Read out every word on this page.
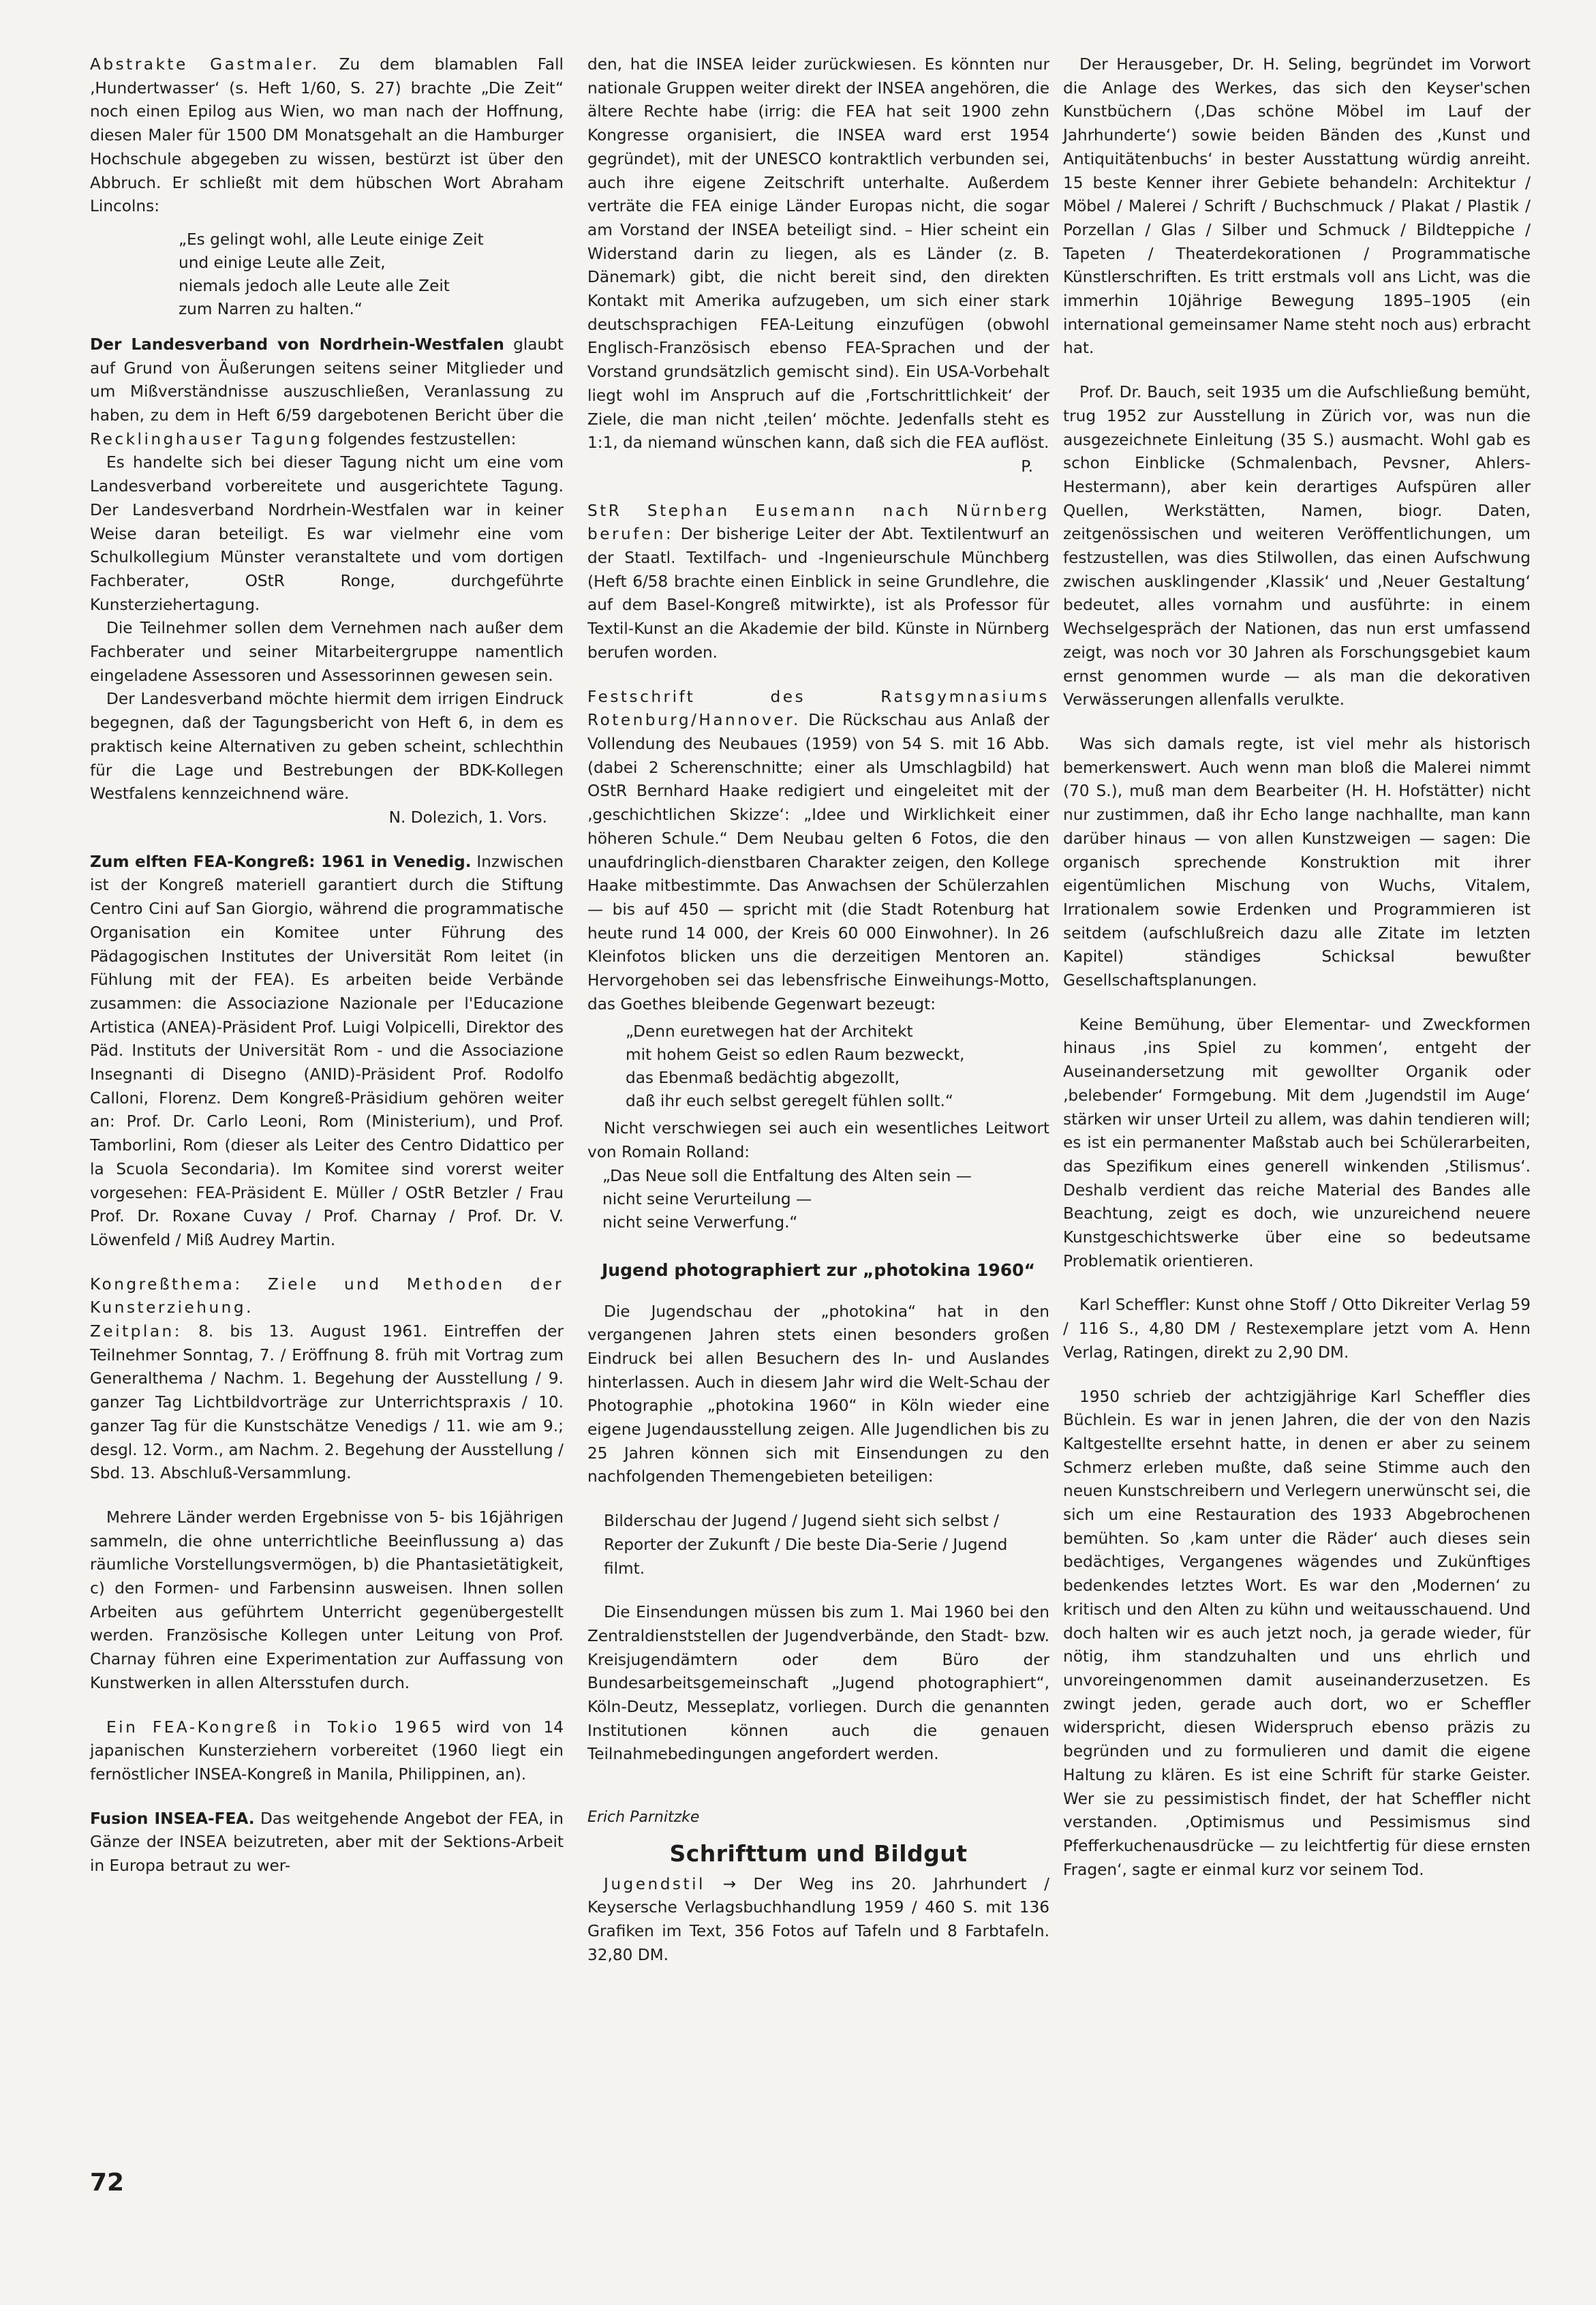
Abstrakte Gastmaler. Zu dem blamablen Fall ‚Hundertwasser‘ (s. Heft 1/60, S. 27) brachte „Die Zeit“ noch einen Epilog aus Wien, wo man nach der Hoffnung, diesen Maler für 1500 DM Monatsgehalt an die Hamburger Hochschule abgegeben zu wissen, bestürzt ist über den Abbruch. Er schließt mit dem hübschen Wort Abraham Lincolns:

„Es gelingt wohl, alle Leute einige Zeit
und einige Leute alle Zeit,
niemals jedoch alle Leute alle Zeit
zum Narren zu halten.“

Der Landesverband von Nordrhein-Westfalen glaubt auf Grund von Äußerungen seitens seiner Mitglieder und um Mißverständnisse auszuschließen, Veranlassung zu haben, zu dem in Heft 6/59 dargebotenen Bericht über die Recklinghauser Tagung folgendes festzustellen:

Es handelte sich bei dieser Tagung nicht um eine vom Landesverband vorbereitete und ausgerichtete Tagung. Der Landesverband Nordrhein-Westfalen war in keiner Weise daran beteiligt. Es war vielmehr eine vom Schulkollegium Münster veranstaltete und vom dortigen Fachberater, OStR Ronge, durchgeführte Kunsterziehertagung.

Die Teilnehmer sollen dem Vernehmen nach außer dem Fachberater und seiner Mitarbeitergruppe namentlich eingeladene Assessoren und Assessorinnen gewesen sein.

Der Landesverband möchte hiermit dem irrigen Eindruck begegnen, daß der Tagungsbericht von Heft 6, in dem es praktisch keine Alternativen zu geben scheint, schlechthin für die Lage und Bestrebungen der BDK-Kollegen Westfalens kennzeichnend wäre.

N. Dolezich, 1. Vors.

Zum elften FEA-Kongreß: 1961 in Venedig. Inzwischen ist der Kongreß materiell garantiert durch die Stiftung Centro Cini auf San Giorgio, während die programmatische Organisation ein Komitee unter Führung des Pädagogischen Institutes der Universität Rom leitet (in Fühlung mit der FEA). Es arbeiten beide Verbände zusammen: die Associazione Nazionale per l'Educazione Artistica (ANEA)-Präsident Prof. Luigi Volpicelli, Direktor des Päd. Instituts der Universität Rom - und die Associazione Insegnanti di Disegno (ANID)-Präsident Prof. Rodolfo Calloni, Florenz. Dem Kongreß-Präsidium gehören weiter an: Prof. Dr. Carlo Leoni, Rom (Ministerium), und Prof. Tamborlini, Rom (dieser als Leiter des Centro Didattico per la Scuola Secondaria). Im Komitee sind vorerst weiter vorgesehen: FEA-Präsident E. Müller / OStR Betzler / Frau Prof. Dr. Roxane Cuvay / Prof. Charnay / Prof. Dr. V. Löwenfeld / Miß Audrey Martin.

Kongreßthema: Ziele und Methoden der Kunsterziehung.

Zeitplan: 8. bis 13. August 1961. Eintreffen der Teilnehmer Sonntag, 7. / Eröffnung 8. früh mit Vortrag zum Generalthema / Nachm. 1. Begehung der Ausstellung / 9. ganzer Tag Lichtbildvorträge zur Unterrichtspraxis / 10. ganzer Tag für die Kunstschätze Venedigs / 11. wie am 9.; desgl. 12. Vorm., am Nachm. 2. Begehung der Ausstellung / Sbd. 13. Abschluß-Versammlung.

Mehrere Länder werden Ergebnisse von 5- bis 16jährigen sammeln, die ohne unterrichtliche Beeinflussung a) das räumliche Vorstellungsvermögen, b) die Phantasietätigkeit, c) den Formen- und Farbensinn ausweisen. Ihnen sollen Arbeiten aus geführtem Unterricht gegenübergestellt werden. Französische Kollegen unter Leitung von Prof. Charnay führen eine Experimentation zur Auffassung von Kunstwerken in allen Altersstufen durch.

Ein FEA-Kongreß in Tokio 1965 wird von 14 japanischen Kunsterziehern vorbereitet (1960 liegt ein fernöstlicher INSEA-Kongreß in Manila, Philippinen, an).

Fusion INSEA-FEA. Das weitgehende Angebot der FEA, in Gänze der INSEA beizutreten, aber mit der Sektions-Arbeit in Europa betraut zu wer-

den, hat die INSEA leider zurückwiesen. Es könnten nur nationale Gruppen weiter direkt der INSEA angehören, die ältere Rechte habe (irrig: die FEA hat seit 1900 zehn Kongresse organisiert, die INSEA ward erst 1954 gegründet), mit der UNESCO kontraktlich verbunden sei, auch ihre eigene Zeitschrift unterhalte. Außerdem verträte die FEA einige Länder Europas nicht, die sogar am Vorstand der INSEA beteiligt sind. – Hier scheint ein Widerstand darin zu liegen, als es Länder (z. B. Dänemark) gibt, die nicht bereit sind, den direkten Kontakt mit Amerika aufzugeben, um sich einer stark deutschsprachigen FEA-Leitung einzufügen (obwohl Englisch-Französisch ebenso FEA-Sprachen und der Vorstand grundsätzlich gemischt sind). Ein USA-Vorbehalt liegt wohl im Anspruch auf die ‚Fortschrittlichkeit‘ der Ziele, die man nicht ‚teilen‘ möchte. Jedenfalls steht es 1:1, da niemand wünschen kann, daß sich die FEA auflöst.

P.

StR Stephan Eusemann nach Nürnberg berufen: Der bisherige Leiter der Abt. Textilentwurf an der Staatl. Textilfach- und -Ingenieurschule Münchberg (Heft 6/58 brachte einen Einblick in seine Grundlehre, die auf dem Basel-Kongreß mitwirkte), ist als Professor für Textil-Kunst an die Akademie der bild. Künste in Nürnberg berufen worden.

Festschrift des Ratsgymnasiums Rotenburg/Hannover. Die Rückschau aus Anlaß der Vollendung des Neubaues (1959) von 54 S. mit 16 Abb. (dabei 2 Scherenschnitte; einer als Umschlagbild) hat OStR Bernhard Haake redigiert und eingeleitet mit der ‚geschichtlichen Skizze‘: „Idee und Wirklichkeit einer höheren Schule.“ Dem Neubau gelten 6 Fotos, die den unaufdringlich-dienstbaren Charakter zeigen, den Kollege Haake mitbestimmte. Das Anwachsen der Schülerzahlen — bis auf 450 — spricht mit (die Stadt Rotenburg hat heute rund 14 000, der Kreis 60 000 Einwohner). In 26 Kleinfotos blicken uns die derzeitigen Mentoren an. Hervorgehoben sei das lebensfrische Einweihungs-Motto, das Goethes bleibende Gegenwart bezeugt:

„Denn euretwegen hat der Architekt
mit hohem Geist so edlen Raum bezweckt,
das Ebenmaß bedächtig abgezollt,
daß ihr euch selbst geregelt fühlen sollt.“

Nicht verschwiegen sei auch ein wesentliches Leitwort von Romain Rolland:

„Das Neue soll die Entfaltung des Alten sein —
nicht seine Verurteilung —
nicht seine Verwerfung.“
Jugend photographiert zur „photokina 1960“

Die Jugendschau der „photokina“ hat in den vergangenen Jahren stets einen besonders großen Eindruck bei allen Besuchern des In- und Auslandes hinterlassen. Auch in diesem Jahr wird die Welt-Schau der Photographie „photokina 1960“ in Köln wieder eine eigene Jugendausstellung zeigen. Alle Jugendlichen bis zu 25 Jahren können sich mit Einsendungen zu den nachfolgenden Themengebieten beteiligen:

Bilderschau der Jugend / Jugend sieht sich selbst / Reporter der Zukunft / Die beste Dia-Serie / Jugend filmt.

Die Einsendungen müssen bis zum 1. Mai 1960 bei den Zentraldienststellen der Jugendverbände, den Stadt- bzw. Kreisjugendämtern oder dem Büro der Bundesarbeitsgemeinschaft „Jugend photographiert“, Köln-Deutz, Messeplatz, vorliegen. Durch die genannten Institutionen können auch die genauen Teilnahmebedingungen angefordert werden.

Erich Parnitzke
Schrifttum und Bildgut

Jugendstil → Der Weg ins 20. Jahrhundert / Keysersche Verlagsbuchhandlung 1959 / 460 S. mit 136 Grafiken im Text, 356 Fotos auf Tafeln und 8 Farbtafeln. 32,80 DM.

Der Herausgeber, Dr. H. Seling, begründet im Vorwort die Anlage des Werkes, das sich den Keyser'schen Kunstbüchern (‚Das schöne Möbel im Lauf der Jahrhunderte‘) sowie beiden Bänden des ‚Kunst und Antiquitätenbuchs‘ in bester Ausstattung würdig anreiht. 15 beste Kenner ihrer Gebiete behandeln: Architektur / Möbel / Malerei / Schrift / Buchschmuck / Plakat / Plastik / Porzellan / Glas / Silber und Schmuck / Bildteppiche / Tapeten / Theaterdekorationen / Programmatische Künstlerschriften. Es tritt erstmals voll ans Licht, was die immerhin 10jährige Bewegung 1895–1905 (ein international gemeinsamer Name steht noch aus) erbracht hat.

Prof. Dr. Bauch, seit 1935 um die Aufschließung bemüht, trug 1952 zur Ausstellung in Zürich vor, was nun die ausgezeichnete Einleitung (35 S.) ausmacht. Wohl gab es schon Einblicke (Schmalenbach, Pevsner, Ahlers-Hestermann), aber kein derartiges Aufspüren aller Quellen, Werkstätten, Namen, biogr. Daten, zeitgenössischen und weiteren Veröffentlichungen, um festzustellen, was dies Stilwollen, das einen Aufschwung zwischen ausklingender ‚Klassik‘ und ‚Neuer Gestaltung‘ bedeutet, alles vornahm und ausführte: in einem Wechselgespräch der Nationen, das nun erst umfassend zeigt, was noch vor 30 Jahren als Forschungsgebiet kaum ernst genommen wurde — als man die dekorativen Verwässerungen allenfalls verulkte.

Was sich damals regte, ist viel mehr als historisch bemerkenswert. Auch wenn man bloß die Malerei nimmt (70 S.), muß man dem Bearbeiter (H. H. Hofstätter) nicht nur zustimmen, daß ihr Echo lange nachhallte, man kann darüber hinaus — von allen Kunstzweigen — sagen: Die organisch sprechende Konstruktion mit ihrer eigentümlichen Mischung von Wuchs, Vitalem, Irrationalem sowie Erdenken und Programmieren ist seitdem (aufschlußreich dazu alle Zitate im letzten Kapitel) ständiges Schicksal bewußter Gesellschaftsplanungen.

Keine Bemühung, über Elementar- und Zweckformen hinaus ‚ins Spiel zu kommen‘, entgeht der Auseinandersetzung mit gewollter Organik oder ‚belebender‘ Formgebung. Mit dem ‚Jugendstil im Auge‘ stärken wir unser Urteil zu allem, was dahin tendieren will; es ist ein permanenter Maßstab auch bei Schülerarbeiten, das Spezifikum eines generell winkenden ‚Stilismus‘. Deshalb verdient das reiche Material des Bandes alle Beachtung, zeigt es doch, wie unzureichend neuere Kunstgeschichtswerke über eine so bedeutsame Problematik orientieren.

Karl Scheffler: Kunst ohne Stoff / Otto Dikreiter Verlag 59 / 116 S., 4,80 DM / Restexemplare jetzt vom A. Henn Verlag, Ratingen, direkt zu 2,90 DM.

1950 schrieb der achtzigjährige Karl Scheffler dies Büchlein. Es war in jenen Jahren, die der von den Nazis Kaltgestellte ersehnt hatte, in denen er aber zu seinem Schmerz erleben mußte, daß seine Stimme auch den neuen Kunstschreibern und Verlegern unerwünscht sei, die sich um eine Restauration des 1933 Abgebrochenen bemühten. So ‚kam unter die Räder‘ auch dieses sein bedächtiges, Vergangenes wägendes und Zukünftiges bedenkendes letztes Wort. Es war den ‚Modernen‘ zu kritisch und den Alten zu kühn und weitausschauend. Und doch halten wir es auch jetzt noch, ja gerade wieder, für nötig, ihm standzuhalten und uns ehrlich und unvoreingenommen damit auseinanderzusetzen. Es zwingt jeden, gerade auch dort, wo er Scheffler widerspricht, diesen Widerspruch ebenso präzis zu begründen und zu formulieren und damit die eigene Haltung zu klären. Es ist eine Schrift für starke Geister. Wer sie zu pessimistisch findet, der hat Scheffler nicht verstanden. ‚Optimismus und Pessimismus sind Pfefferkuchenausdrücke — zu leichtfertig für diese ernsten Fragen‘, sagte er einmal kurz vor seinem Tod.

72
